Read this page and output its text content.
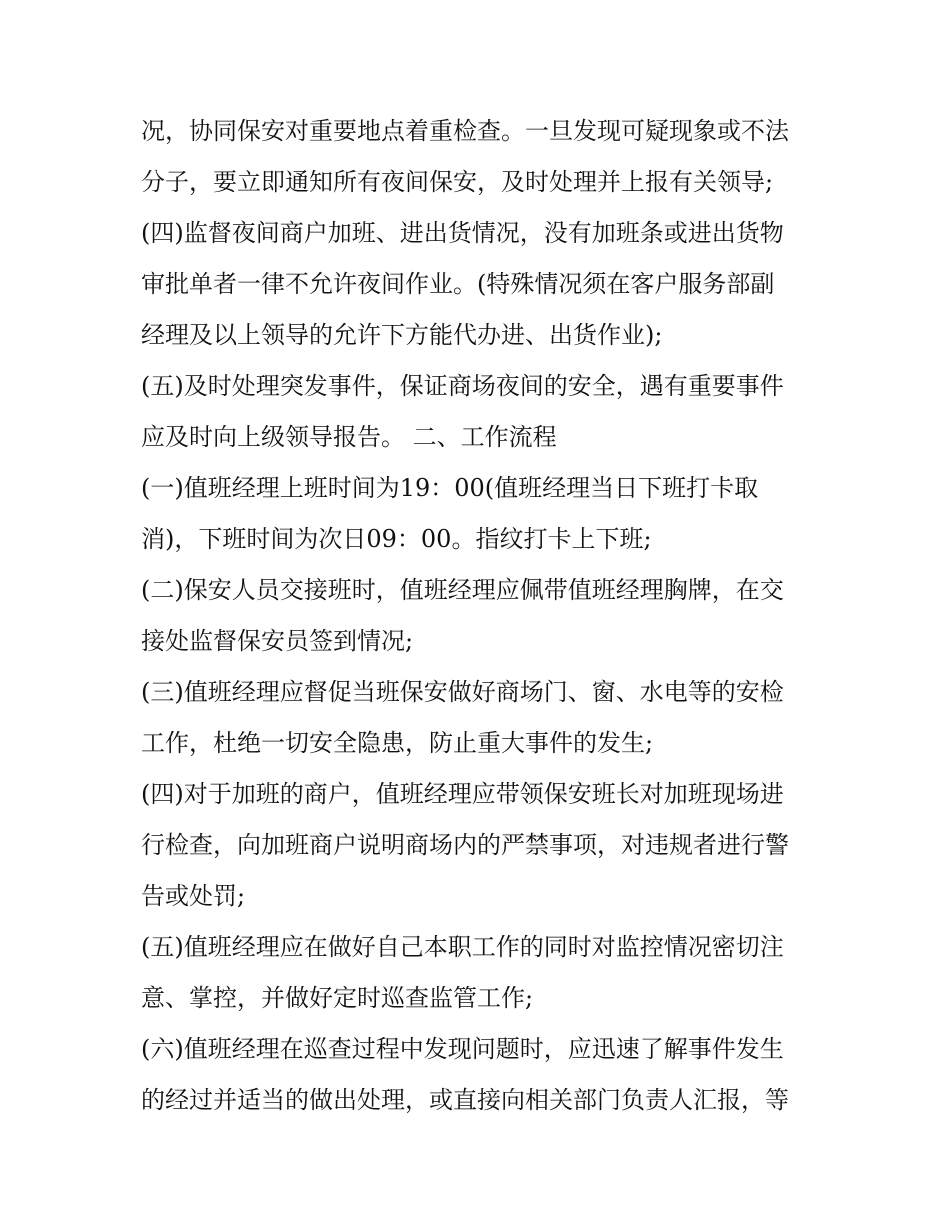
况，协同保安对重要地点着重检查。一旦发现可疑现象或不法
分子，要立即通知所有夜间保安，及时处理并上报有关领导;
(四)监督夜间商户加班、进出货情况，没有加班条或进出货物
审批单者一律不允许夜间作业。(特殊情况须在客户服务部副
经理及以上领导的允许下方能代办进、出货作业);
(五)及时处理突发事件，保证商场夜间的安全，遇有重要事件
应及时向上级领导报告。 二、工作流程
(一)值班经理上班时间为19：00(值班经理当日下班打卡取
消)，下班时间为次日09：00。指纹打卡上下班;
(二)保安人员交接班时，值班经理应佩带值班经理胸牌，在交
接处监督保安员签到情况;
(三)值班经理应督促当班保安做好商场门、窗、水电等的安检
工作，杜绝一切安全隐患，防止重大事件的发生;
(四)对于加班的商户，值班经理应带领保安班长对加班现场进
行检查，向加班商户说明商场内的严禁事项，对违规者进行警
告或处罚;
(五)值班经理应在做好自己本职工作的同时对监控情况密切注
意、掌控，并做好定时巡查监管工作;
(六)值班经理在巡查过程中发现问题时，应迅速了解事件发生
的经过并适当的做出处理，或直接向相关部门负责人汇报，等
